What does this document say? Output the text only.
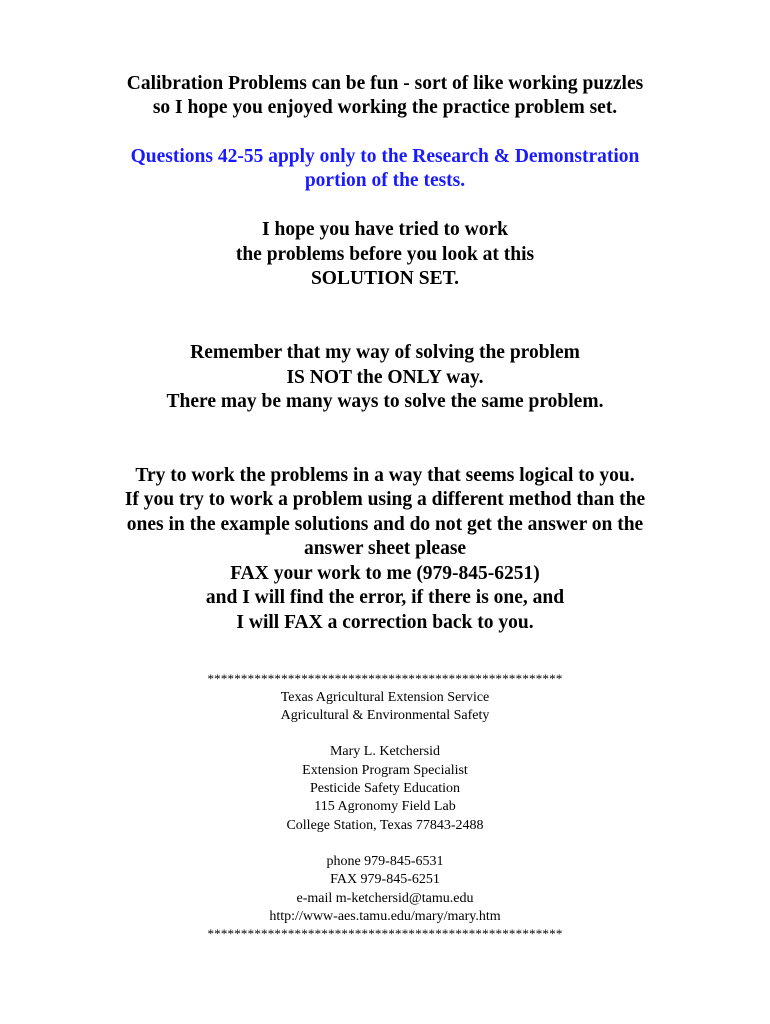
Calibration Problems can be fun - sort of like working puzzles
so I hope you enjoyed working the practice problem set.
Questions 42-55 apply only to the Research & Demonstration
portion of the tests.
I hope you have tried to work
the problems before you look at this
SOLUTION SET.
Remember that my way of solving the problem
IS NOT the ONLY way.
There may be many ways to solve the same problem.
Try to work the problems in a way that seems logical to you.
If you try to work a problem using a different method than the
ones in the example solutions and do not get the answer on the
answer sheet please
FAX your work to me (979-845-6251)
and I will find the error, if there is one, and
I will FAX a correction back to you.
*****************************************************
Texas Agricultural Extension Service
Agricultural & Environmental Safety
Mary L. Ketchersid
Extension Program Specialist
Pesticide Safety Education
115 Agronomy Field Lab
College Station, Texas 77843-2488
phone 979-845-6531
FAX 979-845-6251
e-mail m-ketchersid@tamu.edu
http://www-aes.tamu.edu/mary/mary.htm
*****************************************************
